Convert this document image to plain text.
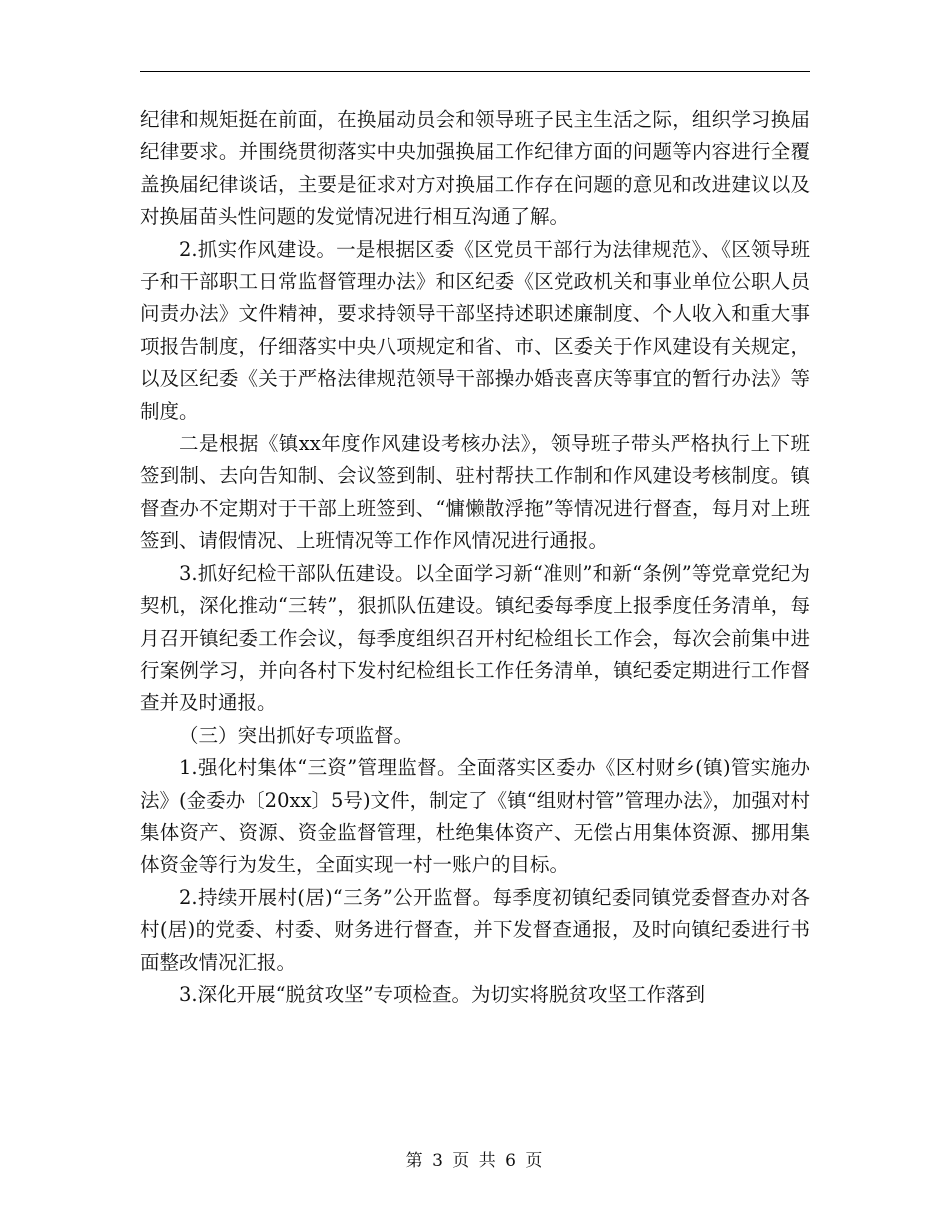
纪律和规矩挺在前面，在换届动员会和领导班子民主生活之际，组织学习换届纪律要求。并围绕贯彻落实中央加强换届工作纪律方面的问题等内容进行全覆盖换届纪律谈话，主要是征求对方对换届工作存在问题的意见和改进建议以及对换届苗头性问题的发觉情况进行相互沟通了解。

2.抓实作风建设。一是根据区委《区党员干部行为法律规范》、《区领导班子和干部职工日常监督管理办法》和区纪委《区党政机关和事业单位公职人员问责办法》文件精神，要求持领导干部坚持述职述廉制度、个人收入和重大事项报告制度，仔细落实中央八项规定和省、市、区委关于作风建设有关规定，以及区纪委《关于严格法律规范领导干部操办婚丧喜庆等事宜的暂行办法》等制度。

二是根据《镇xx年度作风建设考核办法》，领导班子带头严格执行上下班签到制、去向告知制、会议签到制、驻村帮扶工作制和作风建设考核制度。镇督查办不定期对于干部上班签到、“慵懒散浮拖”等情况进行督查，每月对上班签到、请假情况、上班情况等工作作风情况进行通报。

3.抓好纪检干部队伍建设。以全面学习新“准则”和新“条例”等党章党纪为契机，深化推动“三转”，狠抓队伍建设。镇纪委每季度上报季度任务清单，每月召开镇纪委工作会议，每季度组织召开村纪检组长工作会，每次会前集中进行案例学习，并向各村下发村纪检组长工作任务清单，镇纪委定期进行工作督查并及时通报。

（三）突出抓好专项监督。

1.强化村集体“三资”管理监督。全面落实区委办《区村财乡(镇)管实施办法》(金委办〔20xx〕5号)文件，制定了《镇“组财村管”管理办法》，加强对村集体资产、资源、资金监督管理，杜绝集体资产、无偿占用集体资源、挪用集体资金等行为发生，全面实现一村一账户的目标。

2.持续开展村(居)“三务”公开监督。每季度初镇纪委同镇党委督查办对各村(居)的党委、村委、财务进行督查，并下发督查通报，及时向镇纪委进行书面整改情况汇报。

3.深化开展“脱贫攻坚”专项检查。为切实将脱贫攻坚工作落到

第 3 页 共 6 页
